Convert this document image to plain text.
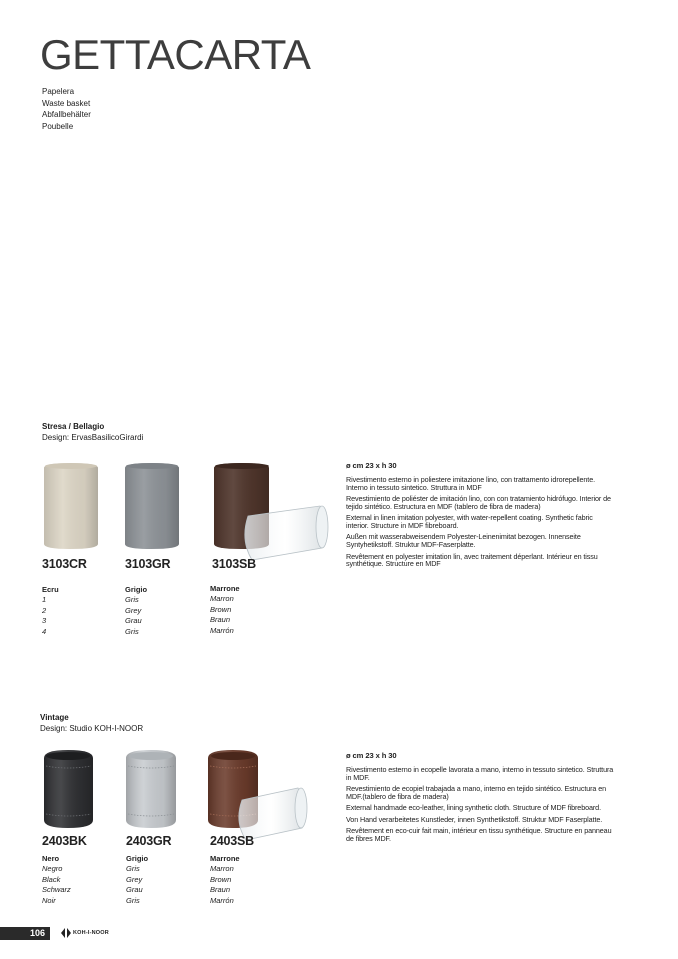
GETTACARTA
Papelera
Waste basket
Abfallbehälter
Poubelle
Stresa / Bellagio
Design: ErvasBasilicoGirardi
3103CR	3103GR	3103SB
Ecru
1
2
3
4
Grigio
Gris
Grey
Grau
Gris
Marrone
Marron
Brown
Braun
Marrón
ø cm 23 x h 30

Rivestimento esterno in poliestere imitazione lino, con trattamento idrorepellente. Interno in tessuto sintetico. Struttura in MDF

Revestimiento de poliéster de imitación lino, con con tratamiento hidrófugo. Interior de tejido sintético. Estructura en MDF (tablero de fibra de madera)

External in linen imitation polyester, with water-repellent coating. Synthetic fabric interior. Structure in MDF fibreboard.

Außen mit wasserabweisendem Polyester-Leinenimitat bezogen. Innenseite Syntyhetikstoff. Struktur MDF-Faserplatte.

Revêtement en polyester imitation lin, avec traitement déperlant. Intérieur en tissu synthétique. Structure en MDF

Vintage
Design: Studio KOH-I-NOOR
2403BK	2403GR	2403SB
Nero
Negro
Black
Schwarz
Noir
Grigio
Gris
Grey
Grau
Gris
Marrone
Marron
Brown
Braun
Marrón
ø cm 23 x h 30

Rivestimento esterno in ecopelle lavorata a mano, interno in tessuto sintetico. Struttura in MDF.

Revestimiento de ecopiel trabajada a mano, interno en tejido sintético. Estructura en MDF.(tablero de fibra de madera)

External handmade eco-leather, lining synthetic cloth. Structure of MDF fibreboard.

Von Hand verarbeitetes Kunstleder, innen Synthetikstoff. Struktur MDF Faserplatte.

Revêtement en eco-cuir fait main, intérieur en tissu synthétique. Structure en panneau de fibres MDF.

106	KOH-I-NOOR
